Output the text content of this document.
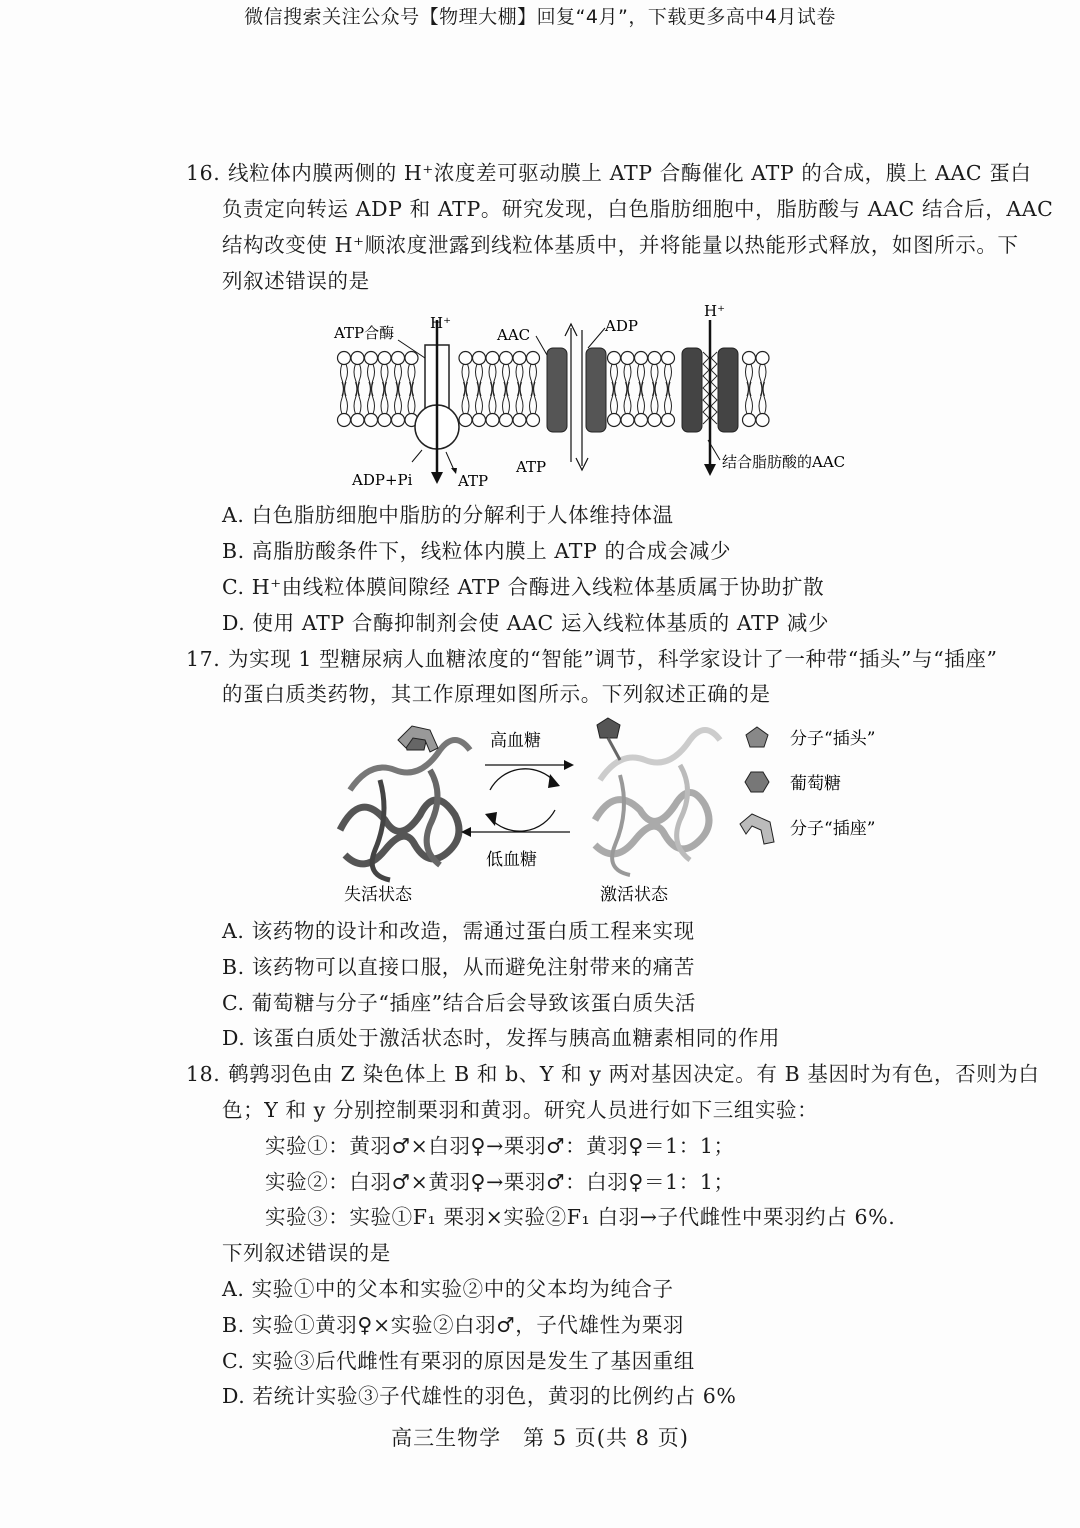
微信搜索关注公众号【物理大棚】回复“4月”，下载更多高中4月试卷
16. 线粒体内膜两侧的 H⁺浓度差可驱动膜上 ATP 合酶催化 ATP 的合成，膜上 AAC 蛋白
负责定向转运 ADP 和 ATP。研究发现，白色脂肪细胞中，脂肪酸与 AAC 结合后，AAC
结构改变使 H⁺顺浓度泄露到线粒体基质中，并将能量以热能形式释放，如图所示。下
列叙述错误的是
ATP合酶
H⁺
AAC	ADP
H⁺
ADP+Pi	ATP
ATP	结合脂肪酸的AAC
A. 白色脂肪细胞中脂肪的分解利于人体维持体温
B. 高脂肪酸条件下，线粒体内膜上 ATP 的合成会减少
C. H⁺由线粒体膜间隙经 ATP 合酶进入线粒体基质属于协助扩散
D. 使用 ATP 合酶抑制剂会使 AAC 运入线粒体基质的 ATP 减少
17. 为实现 1 型糖尿病人血糖浓度的“智能”调节，科学家设计了一种带“插头”与“插座”
的蛋白质类药物，其工作原理如图所示。下列叙述正确的是
高血糖
低血糖
分子“插头”
葡萄糖
分子“插座”
失活状态	激活状态
A. 该药物的设计和改造，需通过蛋白质工程来实现
B. 该药物可以直接口服，从而避免注射带来的痛苦
C. 葡萄糖与分子“插座”结合后会导致该蛋白质失活
D. 该蛋白质处于激活状态时，发挥与胰高血糖素相同的作用
18. 鹌鹑羽色由 Z 染色体上 B 和 b、Y 和 y 两对基因决定。有 B 基因时为有色，否则为白
色；Y 和 y 分别控制栗羽和黄羽。研究人员进行如下三组实验：
实验①：黄羽♂×白羽♀→栗羽♂：黄羽♀＝1：1；
实验②：白羽♂×黄羽♀→栗羽♂：白羽♀＝1：1；
实验③：实验①F₁ 栗羽×实验②F₁ 白羽→子代雌性中栗羽约占 6%.
下列叙述错误的是
A. 实验①中的父本和实验②中的父本均为纯合子
B. 实验①黄羽♀×实验②白羽♂，子代雄性为栗羽
C. 实验③后代雌性有栗羽的原因是发生了基因重组
D. 若统计实验③子代雄性的羽色，黄羽的比例约占 6%
高三生物学　第 5 页(共 8 页)
